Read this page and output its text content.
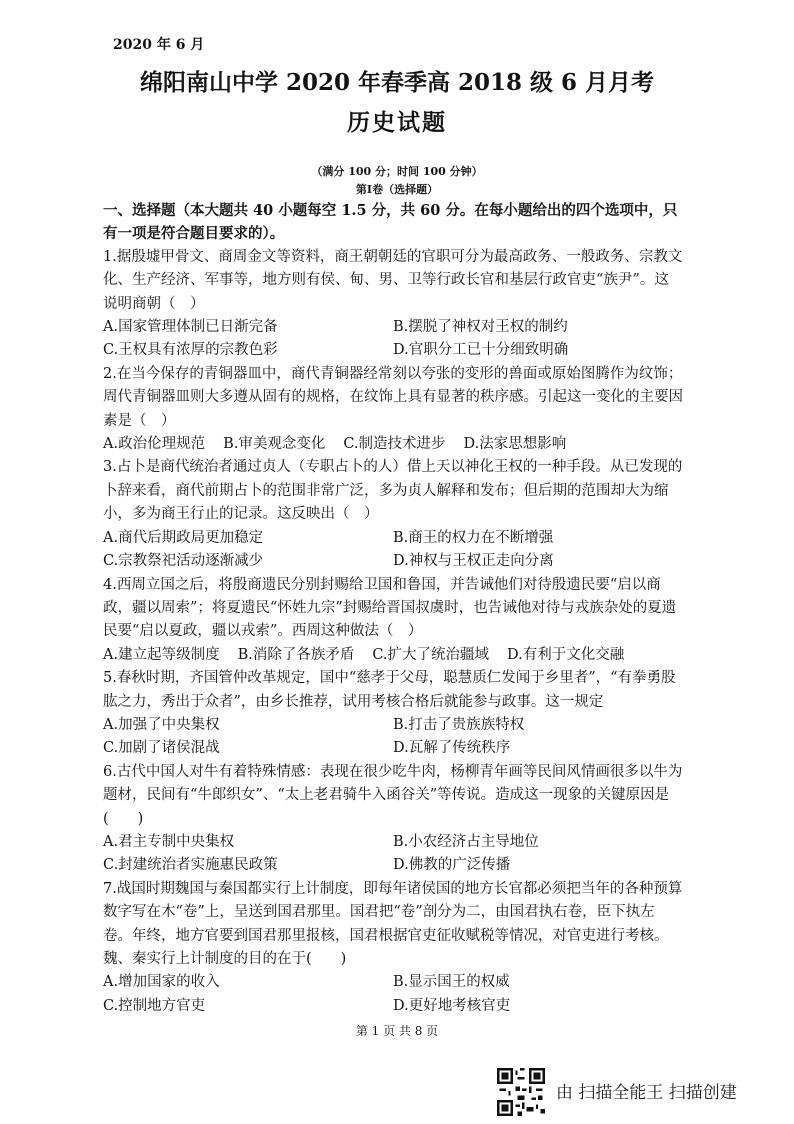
2020 年 6 月
绵阳南山中学 2020 年春季高 2018 级 6 月月考
历史试题
（满分 100 分；时间 100 分钟）
第Ⅰ卷（选择题）
一、选择题（本大题共 40 小题每空 1.5 分，共 60 分。在每小题给出的四个选项中，只有一项是符合题目要求的）。

1.据殷墟甲骨文、商周金文等资料，商王朝朝廷的官职可分为最高政务、一般政务、宗教文化、生产经济、军事等，地方则有侯、甸、男、卫等行政长官和基层行政官吏“族尹”。这说明商朝（　）

A.国家管理体制已日渐完备	B.摆脱了神权对王权的制约
C.王权具有浓厚的宗教色彩	D.官职分工已十分细致明确

2.在当今保存的青铜器皿中，商代青铜器经常刻以夸张的变形的兽面或原始图腾作为纹饰；周代青铜器皿则大多遵从固有的规格，在纹饰上具有显著的秩序感。引起这一变化的主要因素是（　）

A.政治伦理规范 B.审美观念变化 C.制造技术进步 D.法家思想影响

3.占卜是商代统治者通过贞人（专职占卜的人）借上天以神化王权的一种手段。从已发现的卜辞来看，商代前期占卜的范围非常广泛，多为贞人解释和发布；但后期的范围却大为缩小，多为商王行止的记录。这反映出（　）

A.商代后期政局更加稳定	B.商王的权力在不断增强
C.宗教祭祀活动逐渐减少	D.神权与王权正走向分离

4.西周立国之后，将殷商遗民分别封赐给卫国和鲁国，并告诫他们对待殷遗民要“启以商政，疆以周索”；将夏遗民“怀姓九宗”封赐给晋国叔虞时，也告诫他对待与戎族杂处的夏遗民要“启以夏政，疆以戎索”。西周这种做法（　）

A.建立起等级制度 B.消除了各族矛盾 C.扩大了统治疆域 D.有利于文化交融

5.春秋时期，齐国管仲改革规定，国中“慈孝于父母，聪慧质仁发闻于乡里者”，“有拳勇股肱之力，秀出于众者”，由乡长推荐，试用考核合格后就能参与政事。这一规定

A.加强了中央集权	B.打击了贵族族特权
C.加剧了诸侯混战	D.瓦解了传统秩序

6.古代中国人对牛有着特殊情感：表现在很少吃牛肉，杨柳青年画等民间风情画很多以牛为题材，民间有“牛郎织女”、“太上老君骑牛入函谷关”等传说。造成这一现象的关键原因是(　　)

A.君主专制中央集权	B.小农经济占主导地位
C.封建统治者实施惠民政策	D.佛教的广泛传播

7.战国时期魏国与秦国都实行上计制度，即每年诸侯国的地方长官都必须把当年的各种预算数字写在木“卷”上，呈送到国君那里。国君把“卷”剖分为二，由国君执右卷，臣下执左卷。年终，地方官要到国君那里报核，国君根据官吏征收赋税等情况，对官吏进行考核。魏、秦实行上计制度的目的在于(　　)

A.增加国家的收入	B.显示国王的权威
C.控制地方官吏	D.更好地考核官吏
第 1 页 共 8 页
由 扫描全能王 扫描创建
